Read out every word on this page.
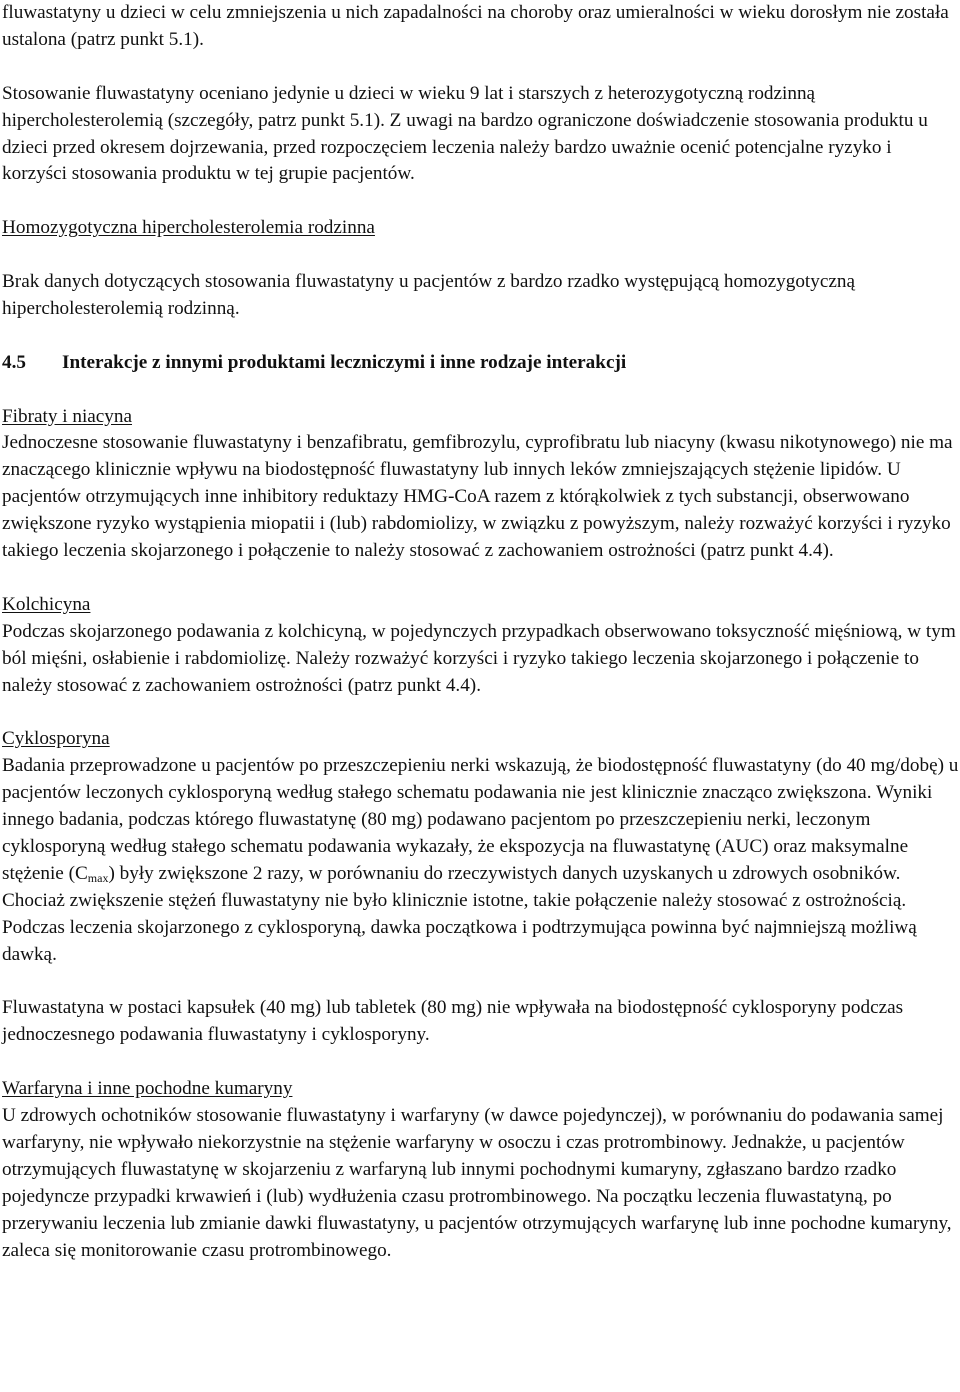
fluwastatyny u dzieci w celu zmniejszenia u nich zapadalności na choroby oraz umieralności w wieku dorosłym nie została ustalona (patrz punkt 5.1).

Stosowanie fluwastatyny oceniano jedynie u dzieci w wieku 9 lat i starszych z heterozygotyczną rodzinną hipercholesterolemią (szczegóły, patrz punkt 5.1). Z uwagi na bardzo ograniczone doświadczenie stosowania produktu u dzieci przed okresem dojrzewania, przed rozpoczęciem leczenia należy bardzo uważnie ocenić potencjalne ryzyko i korzyści stosowania produktu w tej grupie pacjentów.

Homozygotyczna hipercholesterolemia rodzinna

Brak danych dotyczących stosowania fluwastatyny u pacjentów z bardzo rzadko występującą homozygotyczną hipercholesterolemią rodzinną.

4.5	Interakcje z innymi produktami leczniczymi i inne rodzaje interakcji

Fibraty i niacyna

Jednoczesne stosowanie fluwastatyny i benzafibratu, gemfibrozylu, cyprofibratu lub niacyny (kwasu nikotynowego) nie ma znaczącego klinicznie wpływu na biodostępność fluwastatyny lub innych leków zmniejszających stężenie lipidów. U pacjentów otrzymujących inne inhibitory reduktazy HMG-CoA razem z którąkolwiek z tych substancji, obserwowano zwiększone ryzyko wystąpienia miopatii i (lub) rabdomiolizy, w związku z powyższym, należy rozważyć korzyści i ryzyko takiego leczenia skojarzonego i połączenie to należy stosować z zachowaniem ostrożności (patrz punkt 4.4).

Kolchicyna

Podczas skojarzonego podawania z kolchicyną, w pojedynczych przypadkach obserwowano toksyczność mięśniową, w tym ból mięśni, osłabienie i rabdomiolizę. Należy rozważyć korzyści i ryzyko takiego leczenia skojarzonego i połączenie to należy stosować z zachowaniem ostrożności (patrz punkt 4.4).

Cyklosporyna

Badania przeprowadzone u pacjentów po przeszczepieniu nerki wskazują, że biodostępność fluwastatyny (do 40 mg/dobę) u pacjentów leczonych cyklosporyną według stałego schematu podawania nie jest klinicznie znacząco zwiększona. Wyniki innego badania, podczas którego fluwastatynę (80 mg) podawano pacjentom po przeszczepieniu nerki, leczonym cyklosporyną według stałego schematu podawania wykazały, że ekspozycja na fluwastatynę (AUC) oraz maksymalne stężenie $(C_{max})$ były zwiększone 2 razy, w porównaniu do rzeczywistych danych uzyskanych u zdrowych osobników. Chociaż zwiększenie stężeń fluwastatyny nie było klinicznie istotne, takie połączenie należy stosować z ostrożnością. Podczas leczenia skojarzonego z cyklosporyną, dawka początkowa i podtrzymująca powinna być najmniejszą możliwą dawką.

Fluwastatyna w postaci kapsułek (40 mg) lub tabletek (80 mg) nie wpływała na biodostępność cyklosporyny podczas jednoczesnego podawania fluwastatyny i cyklosporyny.

Warfaryna i inne pochodne kumaryny

U zdrowych ochotników stosowanie fluwastatyny i warfaryny (w dawce pojedynczej), w porównaniu do podawania samej warfaryny, nie wpływało niekorzystnie na stężenie warfaryny w osoczu i czas protrombinowy. Jednakże, u pacjentów otrzymujących fluwastatynę w skojarzeniu z warfaryną lub innymi pochodnymi kumaryny, zgłaszano bardzo rzadko pojedyncze przypadki krwawień i (lub) wydłużenia czasu protrombinowego. Na początku leczenia fluwastatyną, po przerywaniu leczenia lub zmianie dawki fluwastatyny, u pacjentów otrzymujących warfarynę lub inne pochodne kumaryny, zaleca się monitorowanie czasu protrombinowego.
